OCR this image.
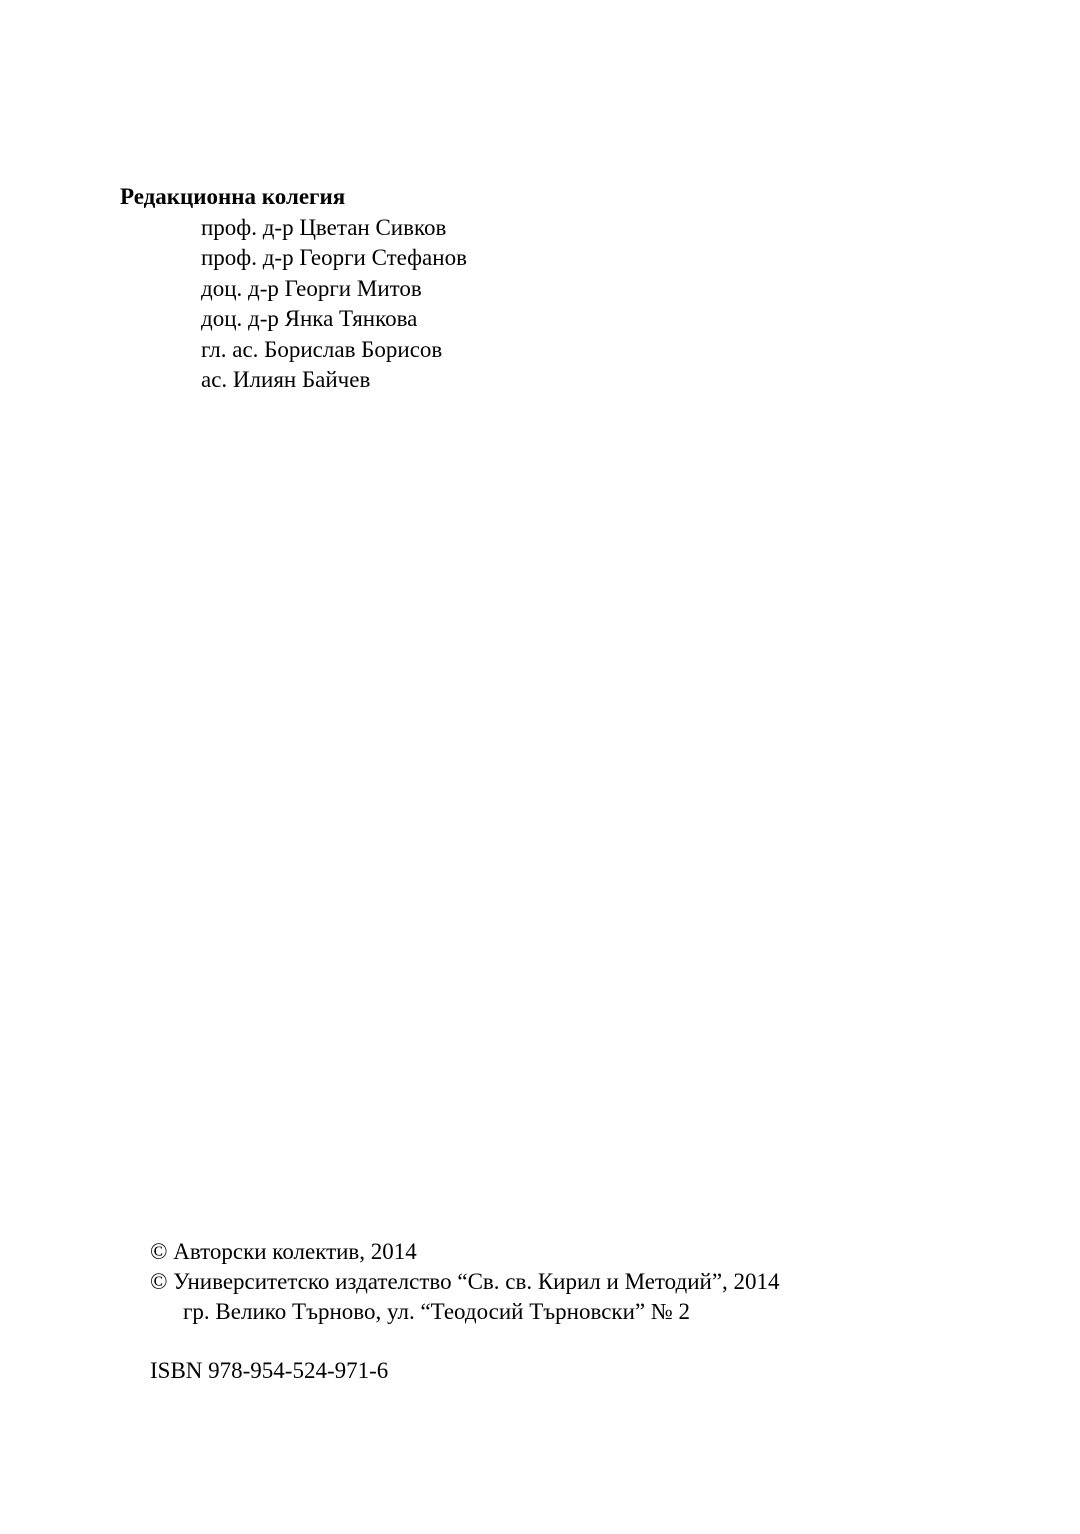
Редакционна колегия
проф. д-р Цветан Сивков
проф. д-р Георги Стефанов
доц. д-р Георги Митов
доц. д-р Янка Тянкова
гл. ас. Борислав Борисов
ас. Илиян Байчев
© Авторски колектив, 2014
© Университетско издателство “Св. св. Кирил и Методий”, 2014
гр. Велико Търново, ул. “Теодосий Търновски” № 2
ISBN 978-954-524-971-6
